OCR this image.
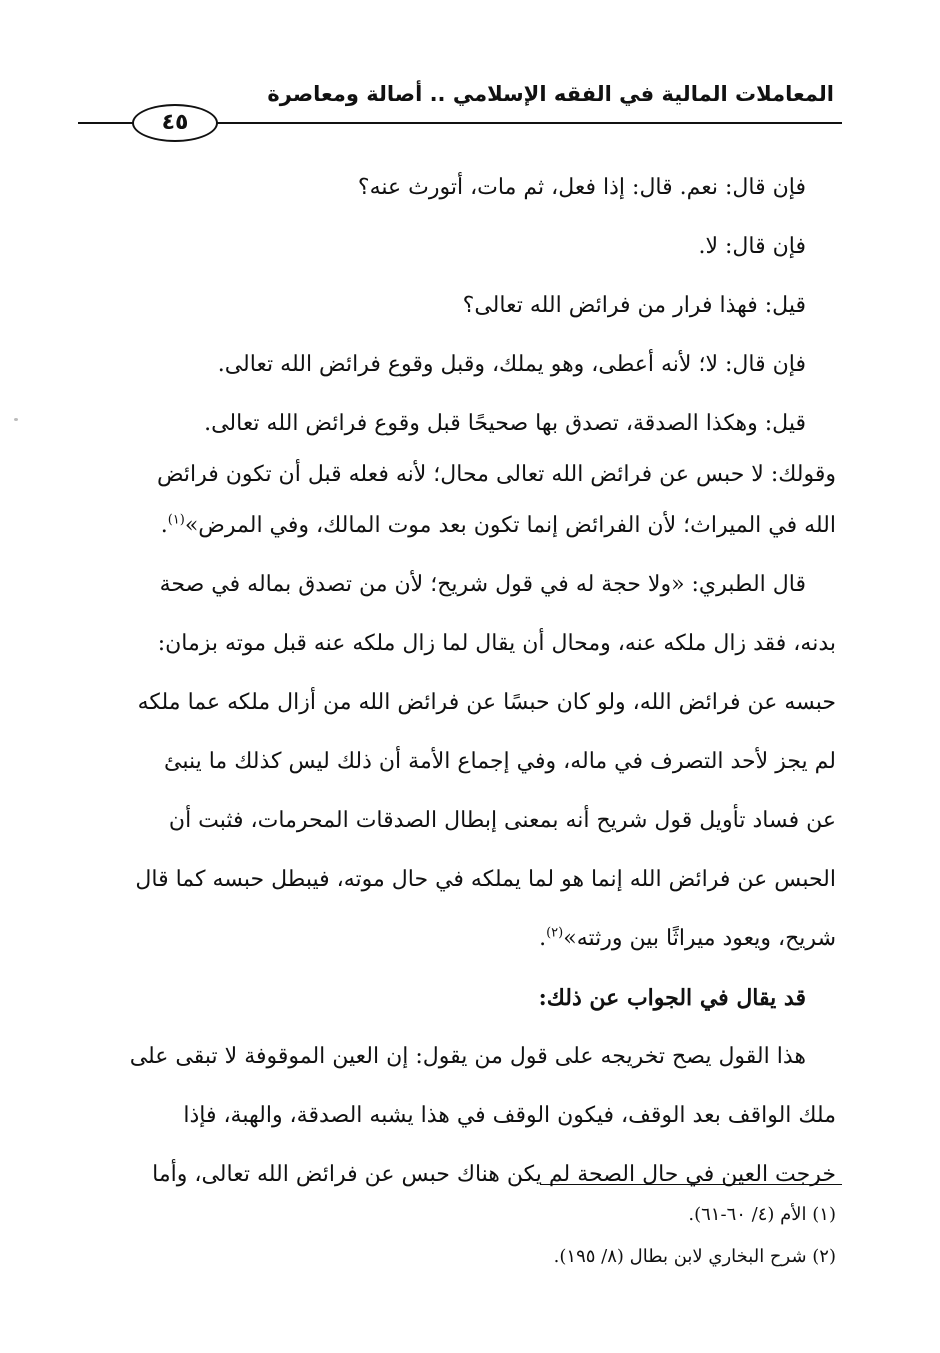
المعاملات المالية في الفقه الإسلامي .. أصالة ومعاصرة
٤٥
فإن قال: نعم. قال: إذا فعل، ثم مات، أتورث عنه؟
فإن قال: لا.
قيل: فهذا فرار من فرائض الله تعالى؟
فإن قال: لا؛ لأنه أعطى، وهو يملك، وقبل وقوع فرائض الله تعالى.
قيل: وهكذا الصدقة، تصدق بها صحيحًا قبل وقوع فرائض الله تعالى.
وقولك: لا حبس عن فرائض الله تعالى محال؛ لأنه فعله قبل أن تكون فرائض
الله في الميراث؛ لأن الفرائض إنما تكون بعد موت المالك، وفي المرض»$^{(١)}$.
قال الطبري: «ولا حجة له في قول شريح؛ لأن من تصدق بماله في صحة
بدنه، فقد زال ملكه عنه، ومحال أن يقال لما زال ملكه عنه قبل موته بزمان:
حبسه عن فرائض الله، ولو كان حبسًا عن فرائض الله من أزال ملكه عما ملكه
لم يجز لأحد التصرف في ماله، وفي إجماع الأمة أن ذلك ليس كذلك ما ينبئ
عن فساد تأويل قول شريح أنه بمعنى إبطال الصدقات المحرمات، فثبت أن
الحبس عن فرائض الله إنما هو لما يملكه في حال موته، فيبطل حبسه كما قال
شريح، ويعود ميراثًا بين ورثته»$^{(٢)}$.
قد يقال في الجواب عن ذلك:
هذا القول يصح تخريجه على قول من يقول: إن العين الموقوفة لا تبقى على
ملك الواقف بعد الوقف، فيكون الوقف في هذا يشبه الصدقة، والهبة، فإذا
خرجت العين في حال الصحة لم يكن هناك حبس عن فرائض الله تعالى، وأما
(١) الأم (٤/ ٦٠-٦١).
(٢) شرح البخاري لابن بطال (٨/ ١٩٥).
